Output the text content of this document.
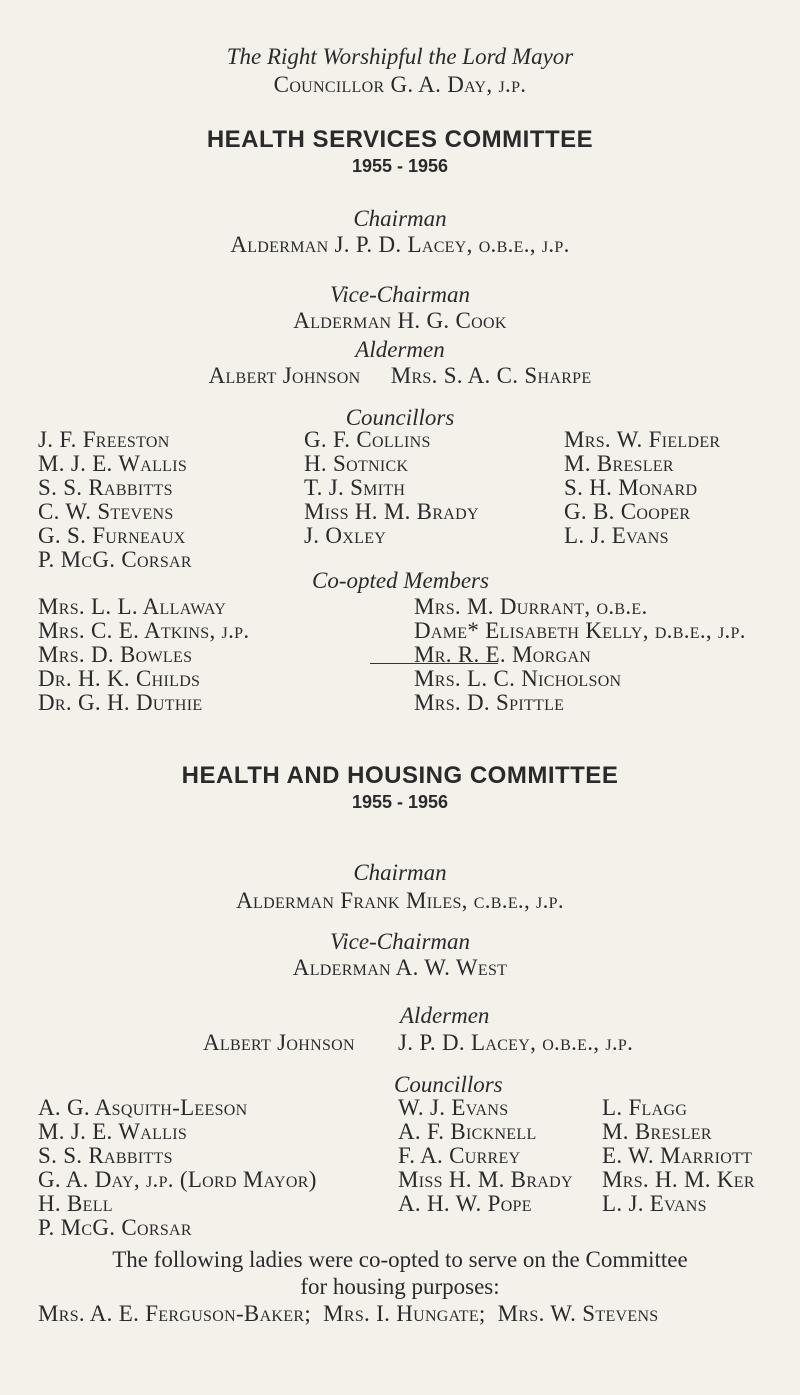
The Right Worshipful the Lord Mayor
Councillor G. A. Day, j.p.
HEALTH SERVICES COMMITTEE
1955 - 1956
Chairman
Alderman J. P. D. Lacey, o.b.e., j.p.
Vice-Chairman
Alderman H. G. Cook
Aldermen
Albert Johnson     Mrs. S. A. C. Sharpe
Councillors
J. F. Freeston
M. J. E. Wallis
S. S. Rabbitts
C. W. Stevens
G. S. Furneaux
P. McG. Corsar
G. F. Collins
H. Sotnick
T. J. Smith
Miss H. M. Brady
J. Oxley
Mrs. W. Fielder
M. Bresler
S. H. Monard
G. B. Cooper
L. J. Evans
Co-opted Members
Mrs. L. L. Allaway
Mrs. C. E. Atkins, j.p.
Mrs. D. Bowles
Dr. H. K. Childs
Dr. G. H. Duthie
Mrs. M. Durrant, o.b.e.
Dame* Elisabeth Kelly, d.b.e., j.p.
Mr. R. E. Morgan
Mrs. L. C. Nicholson
Mrs. D. Spittle
HEALTH AND HOUSING COMMITTEE
1955 - 1956
Chairman
Alderman Frank Miles, c.b.e., j.p.
Vice-Chairman
Alderman A. W. West
Aldermen
Albert Johnson J. P. D. Lacey, o.b.e., j.p.
Councillors
A. G. Asquith-Leeson
M. J. E. Wallis
S. S. Rabbitts
G. A. Day, j.p. (Lord Mayor)
H. Bell
P. McG. Corsar
W. J. Evans
A. F. Bicknell
F. A. Currey
Miss H. M. Brady
A. H. W. Pope
L. Flagg
M. Bresler
E. W. Marriott
Mrs. H. M. Ker
L. J. Evans
The following ladies were co-opted to serve on the Committee
for housing purposes:
Mrs. A. E. Ferguson-Baker;  Mrs. I. Hungate;  Mrs. W. Stevens
